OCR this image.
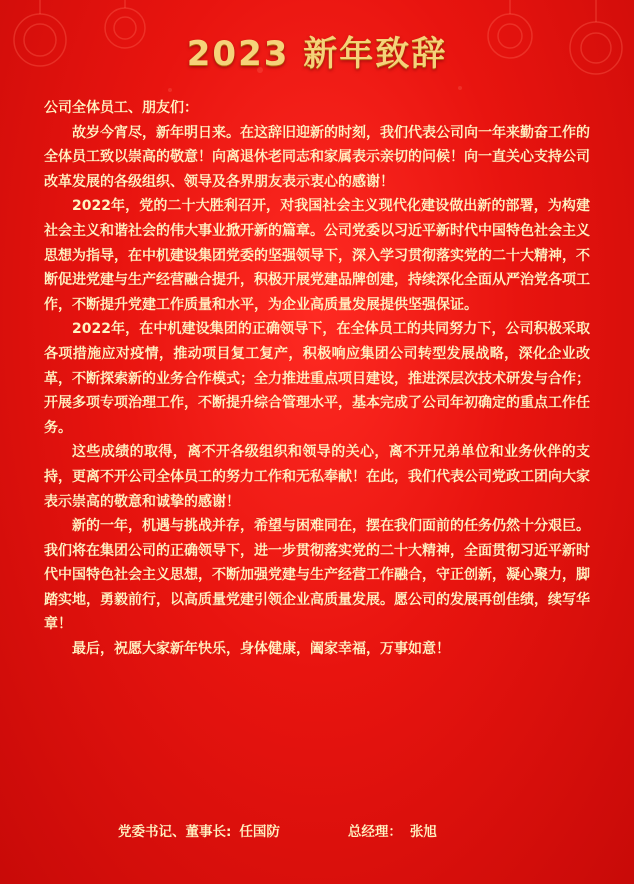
2023 新年致辞

公司全体员工、朋友们：

故岁今宵尽，新年明日来。在这辞旧迎新的时刻，我们代表公司向一年来勤奋工作的全体员工致以崇高的敬意！向离退休老同志和家属表示亲切的问候！向一直关心支持公司改革发展的各级组织、领导及各界朋友表示衷心的感谢！

2022年，党的二十大胜利召开，对我国社会主义现代化建设做出新的部署，为构建社会主义和谐社会的伟大事业掀开新的篇章。公司党委以习近平新时代中国特色社会主义思想为指导，在中机建设集团党委的坚强领导下，深入学习贯彻落实党的二十大精神，不断促进党建与生产经营融合提升，积极开展党建品牌创建，持续深化全面从严治党各项工作，不断提升党建工作质量和水平，为企业高质量发展提供坚强保证。

2022年，在中机建设集团的正确领导下，在全体员工的共同努力下，公司积极采取各项措施应对疫情，推动项目复工复产，积极响应集团公司转型发展战略，深化企业改革，不断探索新的业务合作模式；全力推进重点项目建设，推进深层次技术研发与合作；开展多项专项治理工作，不断提升综合管理水平，基本完成了公司年初确定的重点工作任务。

这些成绩的取得，离不开各级组织和领导的关心，离不开兄弟单位和业务伙伴的支持，更离不开公司全体员工的努力工作和无私奉献！在此，我们代表公司党政工团向大家表示崇高的敬意和诚挚的感谢！

新的一年，机遇与挑战并存，希望与困难同在，摆在我们面前的任务仍然十分艰巨。我们将在集团公司的正确领导下，进一步贯彻落实党的二十大精神，全面贯彻习近平新时代中国特色社会主义思想，不断加强党建与生产经营工作融合，守正创新，凝心聚力，脚踏实地，勇毅前行，以高质量党建引领企业高质量发展。愿公司的发展再创佳绩，续写华章！

最后，祝愿大家新年快乐，身体健康，阖家幸福，万事如意！

党委书记、董事长: 任国防	总经理： 张旭
